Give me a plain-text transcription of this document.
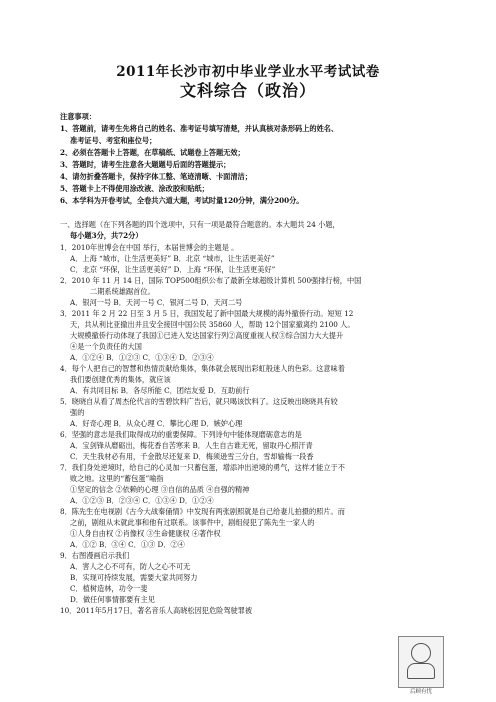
2011年长沙市初中毕业学业水平考试试卷
文科综合（政治）
注意事项：
1、答题前，请考生先将自己的姓名、准考证号填写清楚，并认真核对条形码上的姓名、
准考证号、考室和座位号；
2、必须在答题卡上答题，在草稿纸、试题卷上答题无效；
3、答题时，请考生注意各大题题号后面的答题提示；
4、请勿折叠答题卡，保持字体工整、笔迹清晰、卡面清洁；
5、答题卡上不得使用涂改液、涂改胶和贴纸；
6、本学科为开卷考试，全卷共六道大题，考试时量120分钟，满分200分。
一、选择题（在下列各题的四个选项中，只有一项是最符合题意的。本大题共 24 小题，
每小题3分，共72分）
1．2010年世博会在中国 举行，本届世博会的主题是 。
A．上海 “城市，让生活更美好” B．北京 “城市，让生活更美好”
C．北京 “环保，让生活更美好” D．上海 “环保，让生活更美好”
2．2010 年 11 月 14 日，国际 TOP500组织公布了最新全球超级计算机 500强排行榜，中国
二期系统雄踞首位。
A．银河一号 B．天河一号 C．银河二号 D．天河二号
3．2011 年 2 月 22 日至 3 月 5 日，我国发起了新中国最大规模的海外撤侨行动。短短 12
天，共从利比亚撤出并且安全接回中国公民 35860 人，帮助 12个国家撤离约 2100 人。
大规模撤侨行动体现了我国①已进入发达国家行列②高度重视人权③综合国力大大提升
④是一个负责任的大国
A．①②④ B．①②③ C．①③④ D．②③④
4．每个人把自己的智慧和热情贡献给集体，集体就会展现出彩虹般迷人的色彩。这意味着
我们要创建优秀的集体，就应该
A．有共同目标 B．各尽所能 C．团结友爱 D．互助前行
5．晓晓自从看了周杰伦代言的雪碧饮料广告后，就只喝该饮料了。这反映出晓晓具有较
强的
A．好奇心理 B．从众心理 C．攀比心理 D．嫉妒心理
6．坚强的意志是我们取得成功的重要保障。下列诗句中能体现磨砺意志的是
A．宝剑锋从磨砺出，梅花香自苦寒来 B．人生自古谁无死，留取丹心照汗青
C．天生我材必有用，千金散尽还复来 D．梅须逊雪三分白，雪却输梅一段香
7．我们身处逆境时，给自己的心灵加一只蓄包蛋，增添冲出逆境的勇气，这样才能立于不
败之地。这里的“蓄包蛋”喻指
①坚定的信念 ②依赖的心理 ③自信的品质 ④自强的精神
A．①②③ B．②③④ C．①③④ D．①②④
8．陈先生在电视剧《古今大战秦俑情》中发现有两张剧照就是自己给妻儿拍摄的照片。而
之前，剧组从未就此事和他有过联系。该事件中，剧组侵犯了陈先生一家人的
①人身自由权 ②肖像权 ③生命健康权 ④著作权
A．①② B．③④ C．①③ D．②④
9．右图漫画启示我们
A．害人之心不可有，防人之心不可无
B．实现可持续发展，需要大家共同努力
C．植树造林，功令一斐
D．做任何事情都要有主见
10．2011年5月17日，著名音乐人高晓松因犯危险驾驶罪被
后顾有忧
